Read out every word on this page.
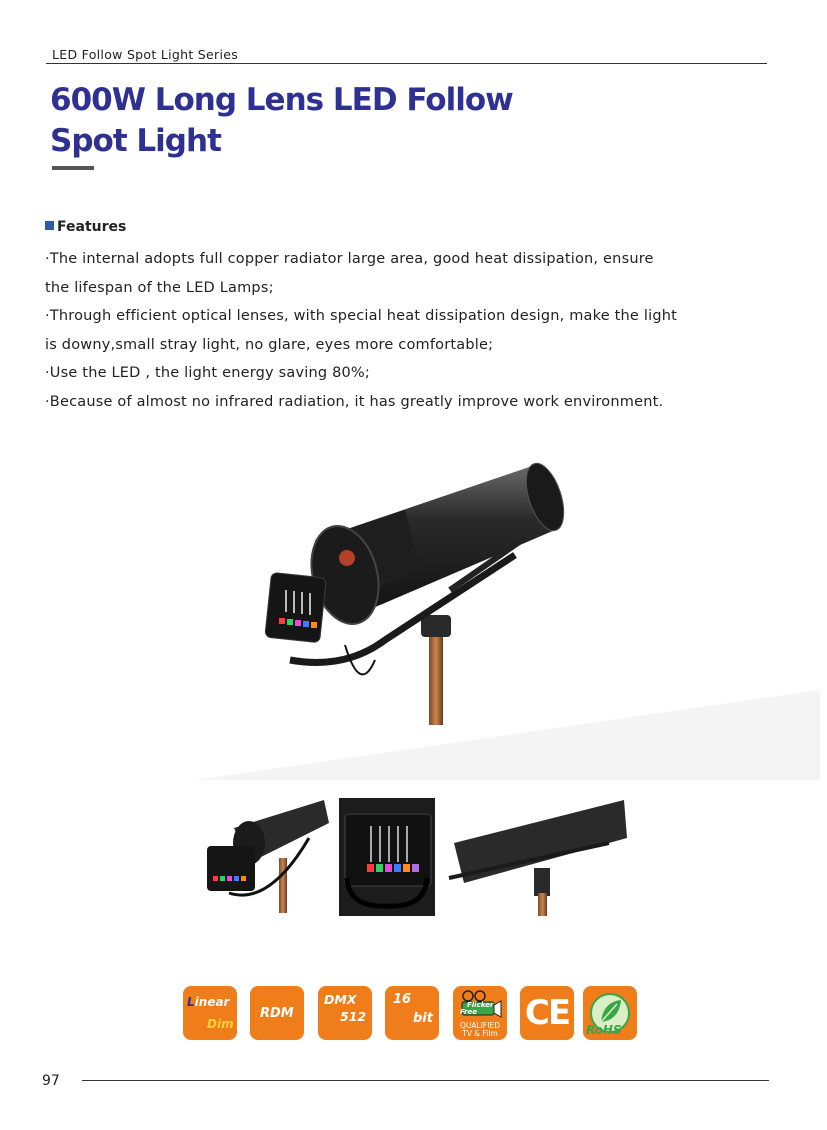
LED Follow Spot Light Series
600W Long Lens LED Follow
Spot Light
Features

·The internal adopts full copper radiator large area, good heat dissipation, ensure

the lifespan of the LED Lamps;

·Through efficient optical lenses, with special heat dissipation design, make the light

is downy,small stray light, no glare, eyes more comfortable;

·Use the LED , the light energy saving 80%;

·Because of almost no infrared radiation, it has greatly improve work environment.

Linear
Dim
RDM
DMX
512
16
bit
Flicker
Free
QUALIFIED
TV & Film
CE	RoHS
97
